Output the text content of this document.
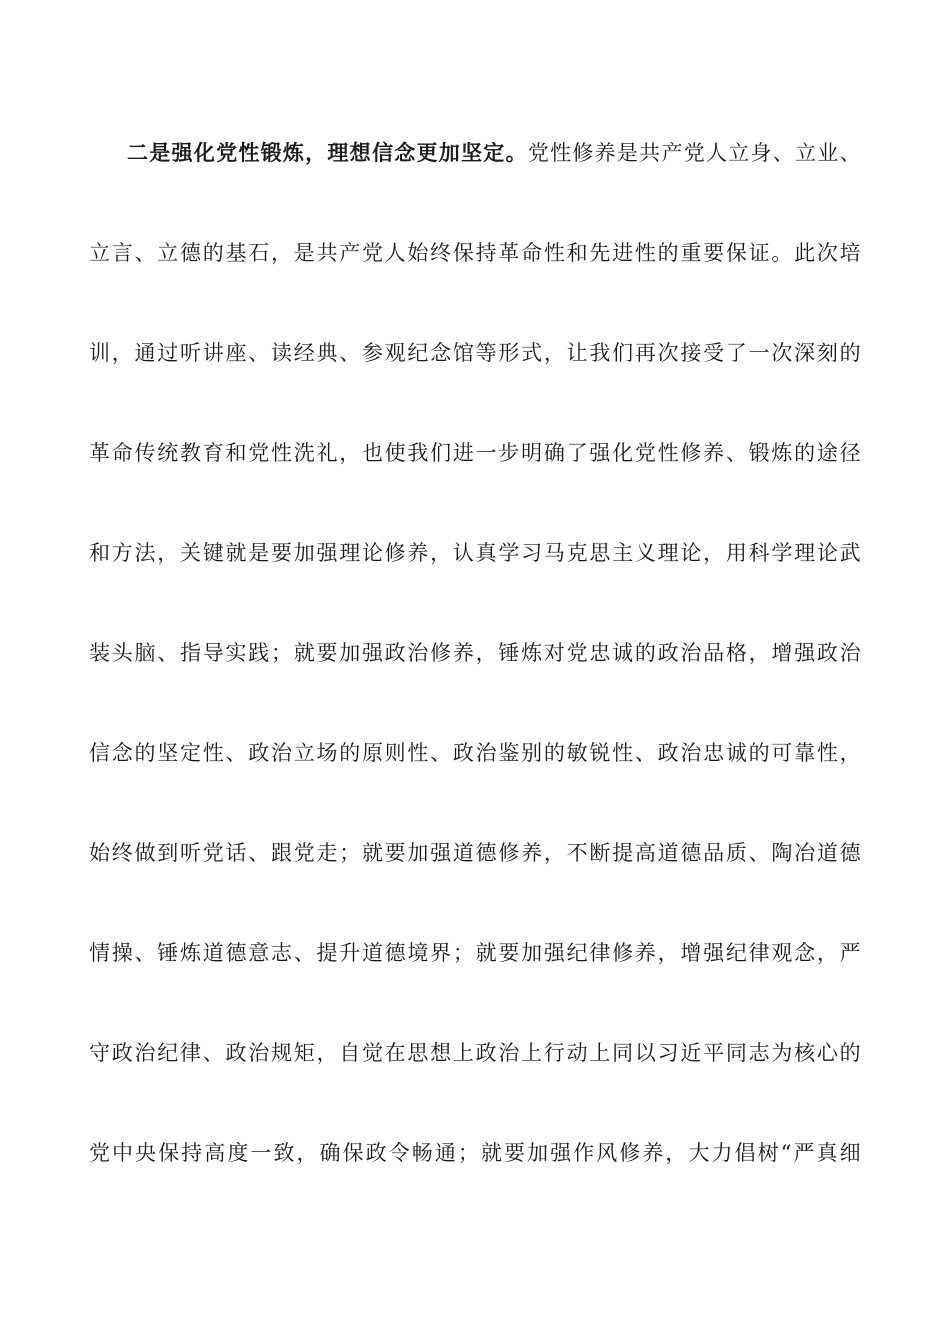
二是强化党性锻炼，理想信念更加坚定。党性修养是共产党人立身、立业、
立言、立德的基石，是共产党人始终保持革命性和先进性的重要保证。此次培
训，通过听讲座、读经典、参观纪念馆等形式，让我们再次接受了一次深刻的
革命传统教育和党性洗礼，也使我们进一步明确了强化党性修养、锻炼的途径
和方法，关键就是要加强理论修养，认真学习马克思主义理论，用科学理论武
装头脑、指导实践；就要加强政治修养，锤炼对党忠诚的政治品格，增强政治
信念的坚定性、政治立场的原则性、政治鉴别的敏锐性、政治忠诚的可靠性，
始终做到听党话、跟党走；就要加强道德修养，不断提高道德品质、陶冶道德
情操、锤炼道德意志、提升道德境界；就要加强纪律修养，增强纪律观念，严
守政治纪律、政治规矩，自觉在思想上政治上行动上同以习近平同志为核心的
党中央保持高度一致，确保政令畅通；就要加强作风修养，大力倡树“严真细
